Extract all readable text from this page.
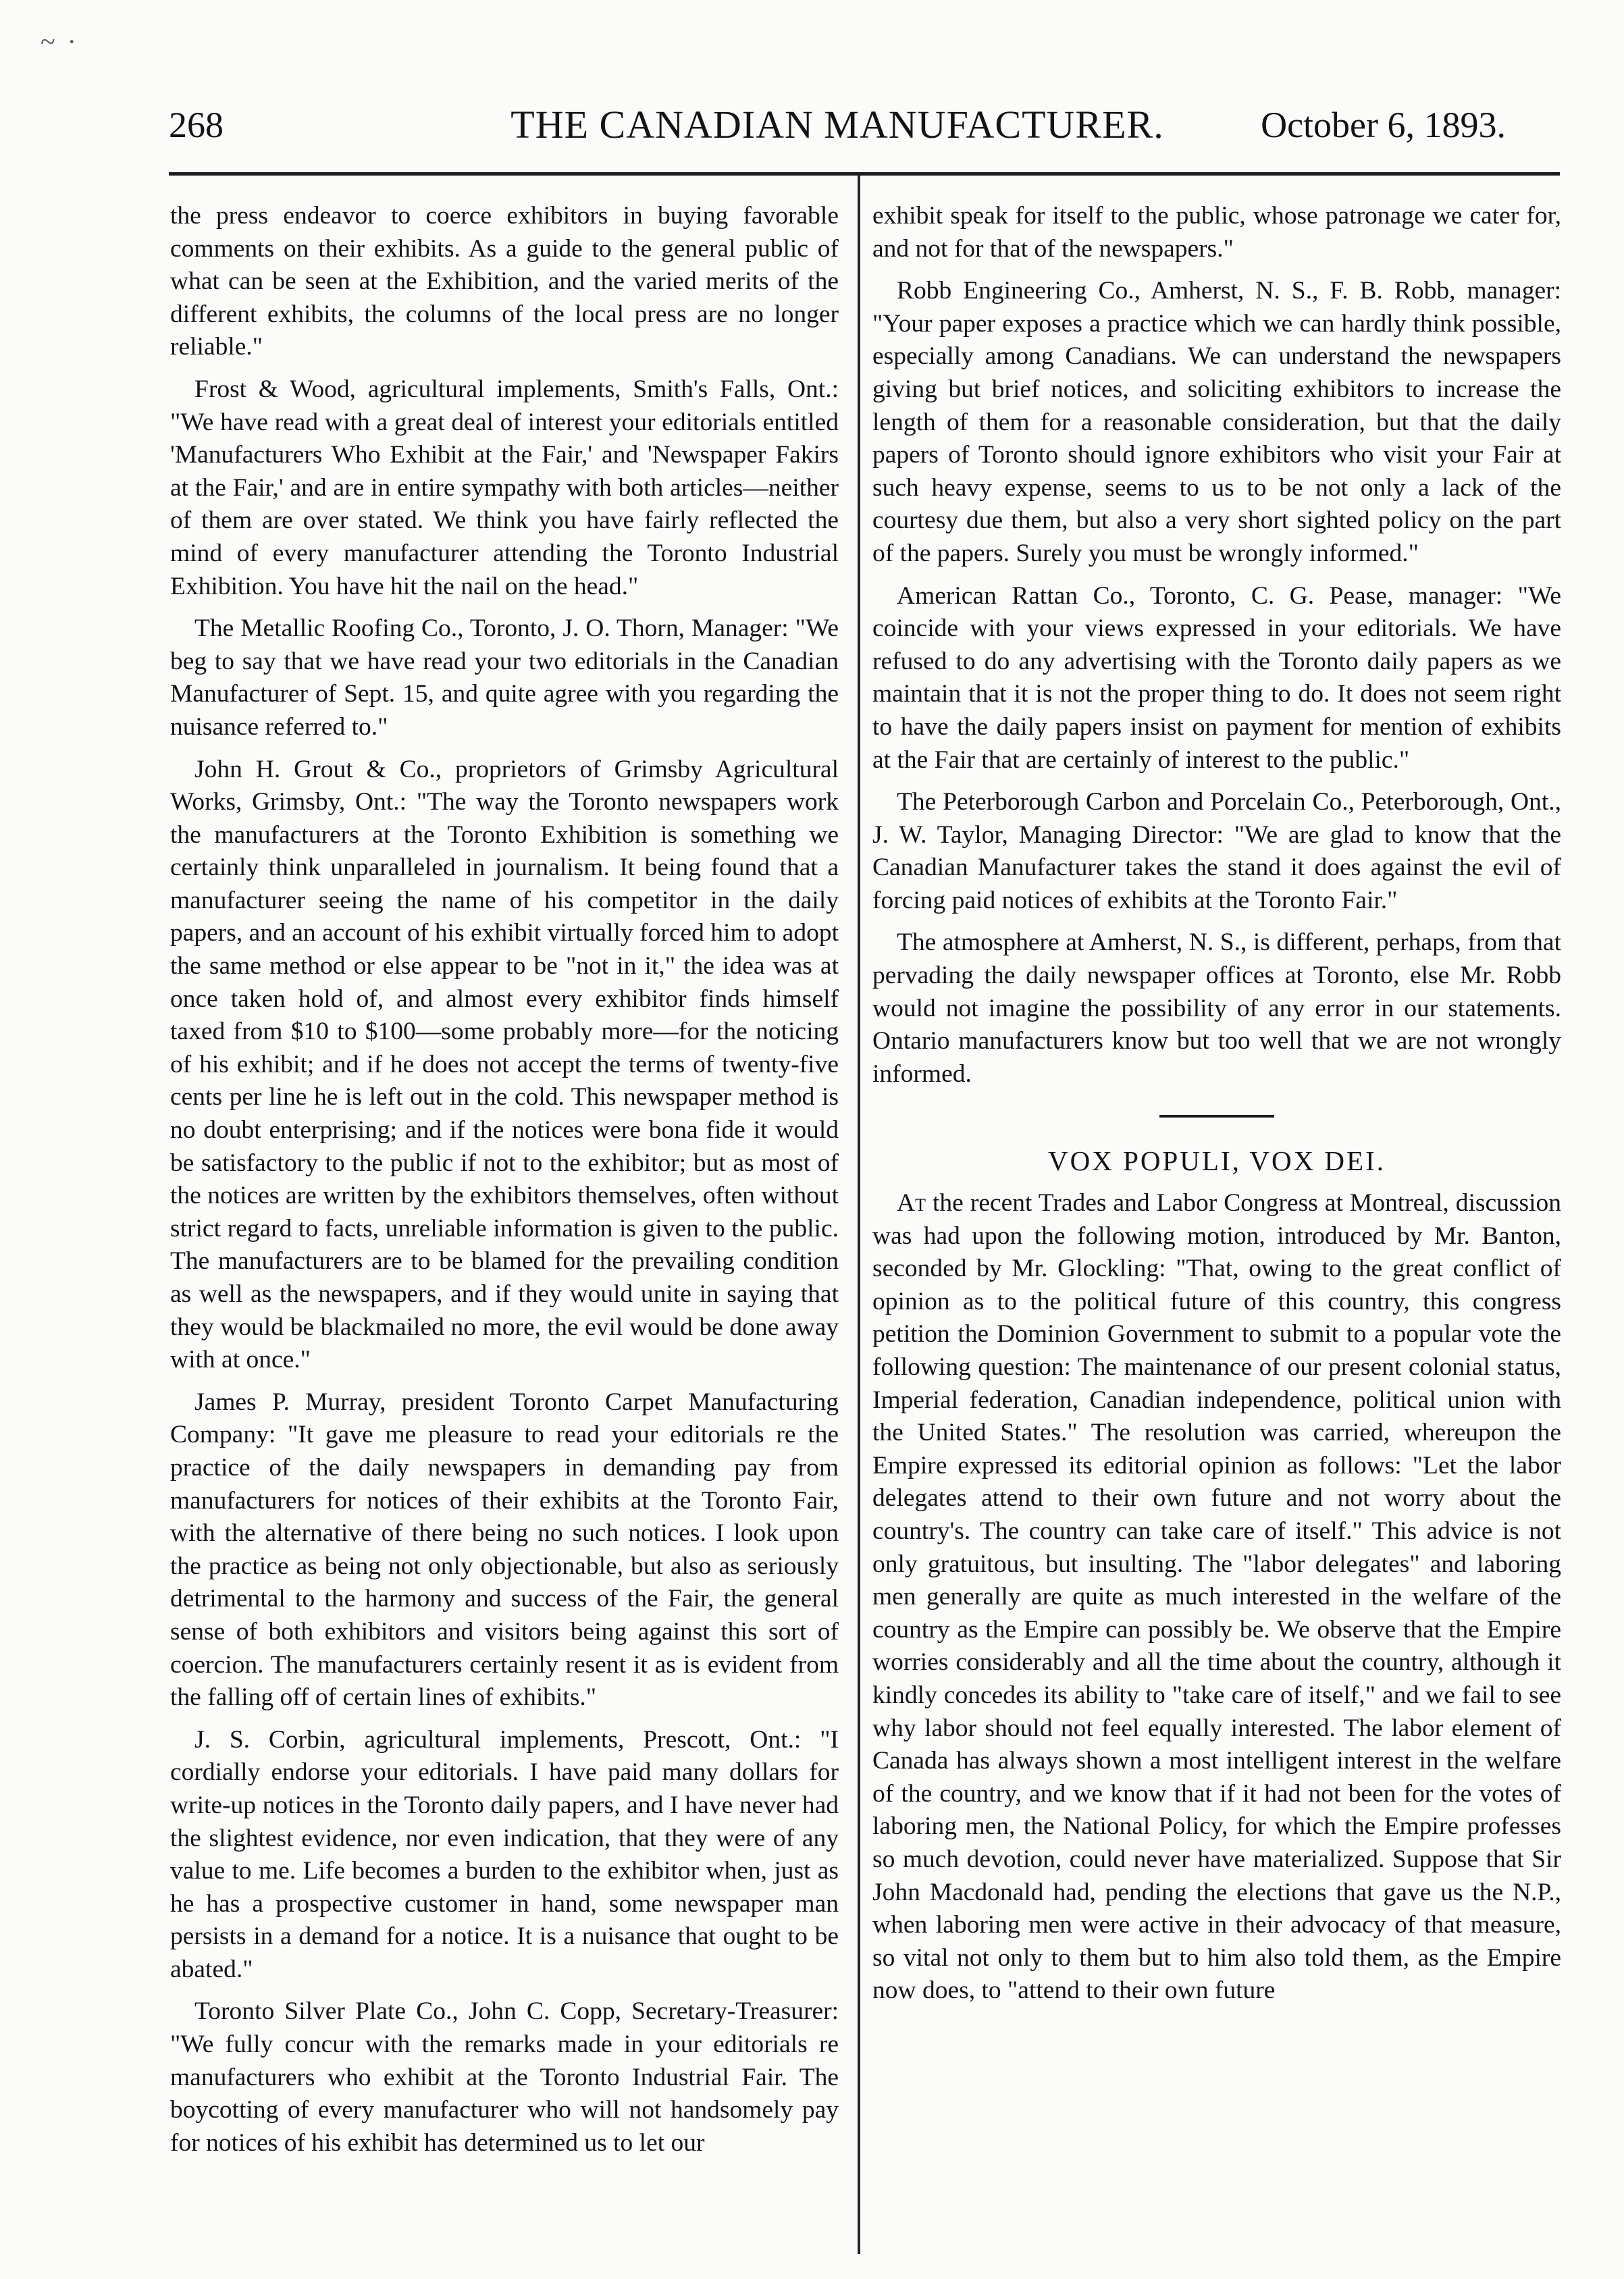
~ ·
268	THE CANADIAN MANUFACTURER.	October 6, 1893.

the press endeavor to coerce exhibitors in buying favorable comments on their exhibits. As a guide to the general public of what can be seen at the Exhibition, and the varied merits of the different exhibits, the columns of the local press are no longer reliable."

Frost & Wood, agricultural implements, Smith's Falls, Ont.: "We have read with a great deal of interest your editorials entitled 'Manufacturers Who Exhibit at the Fair,' and 'Newspaper Fakirs at the Fair,' and are in entire sympathy with both articles—neither of them are over stated. We think you have fairly reflected the mind of every manufacturer attending the Toronto Industrial Exhibition. You have hit the nail on the head."

The Metallic Roofing Co., Toronto, J. O. Thorn, Manager: "We beg to say that we have read your two editorials in the Canadian Manufacturer of Sept. 15, and quite agree with you regarding the nuisance referred to."

John H. Grout & Co., proprietors of Grimsby Agricultural Works, Grimsby, Ont.: "The way the Toronto newspapers work the manufacturers at the Toronto Exhibition is something we certainly think unparalleled in journalism. It being found that a manufacturer seeing the name of his competitor in the daily papers, and an account of his exhibit virtually forced him to adopt the same method or else appear to be "not in it," the idea was at once taken hold of, and almost every exhibitor finds himself taxed from $10 to $100—some probably more—for the noticing of his exhibit; and if he does not accept the terms of twenty-five cents per line he is left out in the cold. This newspaper method is no doubt enterprising; and if the notices were bona fide it would be satisfactory to the public if not to the exhibitor; but as most of the notices are written by the exhibitors themselves, often without strict regard to facts, unreliable information is given to the public. The manufacturers are to be blamed for the prevailing condition as well as the newspapers, and if they would unite in saying that they would be blackmailed no more, the evil would be done away with at once."

James P. Murray, president Toronto Carpet Manufacturing Company: "It gave me pleasure to read your editorials re the practice of the daily newspapers in demanding pay from manufacturers for notices of their exhibits at the Toronto Fair, with the alternative of there being no such notices. I look upon the practice as being not only objectionable, but also as seriously detrimental to the harmony and success of the Fair, the general sense of both exhibitors and visitors being against this sort of coercion. The manufacturers certainly resent it as is evident from the falling off of certain lines of exhibits."

J. S. Corbin, agricultural implements, Prescott, Ont.: "I cordially endorse your editorials. I have paid many dollars for write-up notices in the Toronto daily papers, and I have never had the slightest evidence, nor even indication, that they were of any value to me. Life becomes a burden to the exhibitor when, just as he has a prospective customer in hand, some newspaper man persists in a demand for a notice. It is a nuisance that ought to be abated."

Toronto Silver Plate Co., John C. Copp, Secretary-Treasurer: "We fully concur with the remarks made in your editorials re manufacturers who exhibit at the Toronto Industrial Fair. The boycotting of every manufacturer who will not handsomely pay for notices of his exhibit has determined us to let our

exhibit speak for itself to the public, whose patronage we cater for, and not for that of the newspapers."

Robb Engineering Co., Amherst, N. S., F. B. Robb, manager: "Your paper exposes a practice which we can hardly think possible, especially among Canadians. We can understand the newspapers giving but brief notices, and soliciting exhibitors to increase the length of them for a reasonable consideration, but that the daily papers of Toronto should ignore exhibitors who visit your Fair at such heavy expense, seems to us to be not only a lack of the courtesy due them, but also a very short sighted policy on the part of the papers. Surely you must be wrongly informed."

American Rattan Co., Toronto, C. G. Pease, manager: "We coincide with your views expressed in your editorials. We have refused to do any advertising with the Toronto daily papers as we maintain that it is not the proper thing to do. It does not seem right to have the daily papers insist on payment for mention of exhibits at the Fair that are certainly of interest to the public."

The Peterborough Carbon and Porcelain Co., Peterborough, Ont., J. W. Taylor, Managing Director: "We are glad to know that the Canadian Manufacturer takes the stand it does against the evil of forcing paid notices of exhibits at the Toronto Fair."

The atmosphere at Amherst, N. S., is different, perhaps, from that pervading the daily newspaper offices at Toronto, else Mr. Robb would not imagine the possibility of any error in our statements. Ontario manufacturers know but too well that we are not wrongly informed.

VOX POPULI, VOX DEI.

At the recent Trades and Labor Congress at Montreal, discussion was had upon the following motion, introduced by Mr. Banton, seconded by Mr. Glockling: "That, owing to the great conflict of opinion as to the political future of this country, this congress petition the Dominion Government to submit to a popular vote the following question: The maintenance of our present colonial status, Imperial federation, Canadian independence, political union with the United States." The resolution was carried, whereupon the Empire expressed its editorial opinion as follows: "Let the labor delegates attend to their own future and not worry about the country's. The country can take care of itself." This advice is not only gratuitous, but insulting. The "labor delegates" and laboring men generally are quite as much interested in the welfare of the country as the Empire can possibly be. We observe that the Empire worries considerably and all the time about the country, although it kindly concedes its ability to "take care of itself," and we fail to see why labor should not feel equally interested. The labor element of Canada has always shown a most intelligent interest in the welfare of the country, and we know that if it had not been for the votes of laboring men, the National Policy, for which the Empire professes so much devotion, could never have materialized. Suppose that Sir John Macdonald had, pending the elections that gave us the N.P., when laboring men were active in their advocacy of that measure, so vital not only to them but to him also told them, as the Empire now does, to "attend to their own future
